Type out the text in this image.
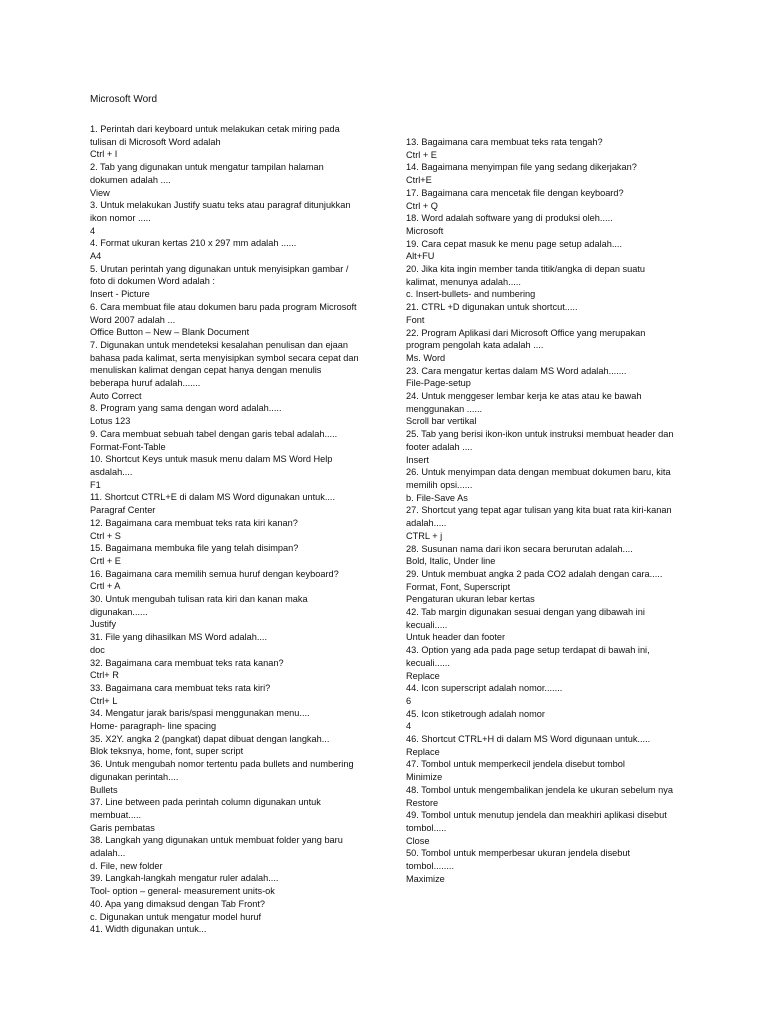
Microsoft Word
1. Perintah dari keyboard untuk melakukan cetak miring pada
tulisan di Microsoft Word adalah
Ctrl + I
2. Tab yang digunakan untuk mengatur tampilan halaman
dokumen adalah ....
View
3. Untuk melakukan Justify suatu teks atau paragraf ditunjukkan
ikon nomor .....
4
4. Format ukuran kertas 210 x 297 mm adalah ......
A4
5. Urutan perintah yang digunakan untuk menyisipkan gambar /
foto di dokumen Word adalah :
Insert - Picture
6. Cara membuat file atau dokumen baru pada program Microsoft
Word 2007 adalah ...
Office Button – New – Blank Document
7. Digunakan untuk mendeteksi kesalahan penulisan dan ejaan
bahasa pada kalimat, serta menyisipkan symbol secara cepat dan
menuliskan kalimat dengan cepat hanya dengan menulis
beberapa huruf adalah.......
Auto Correct
8. Program yang sama dengan word adalah.....
Lotus 123
9. Cara membuat sebuah tabel dengan garis tebal adalah.....
Format-Font-Table
10. Shortcut Keys untuk masuk menu dalam MS Word Help
asdalah....
F1
11. Shortcut CTRL+E di dalam MS Word digunakan untuk....
Paragraf Center
12. Bagaimana cara membuat teks rata kiri kanan?
Ctrl + S
15. Bagaimana membuka file yang telah disimpan?
Crtl + E
16. Bagaimana cara memilih semua huruf dengan keyboard?
Crtl + A
30. Untuk mengubah tulisan rata kiri dan kanan maka
digunakan......
Justify
31. File yang dihasilkan MS Word adalah....
doc
32. Bagaimana cara membuat teks rata kanan?
Ctrl+ R
33. Bagaimana cara membuat teks rata kiri?
Ctrl+ L
34. Mengatur jarak baris/spasi menggunakan menu....
Home- paragraph- line spacing
35. X2Y. angka 2 (pangkat) dapat dibuat dengan langkah...
Blok teksnya, home, font, super script
36. Untuk mengubah nomor tertentu pada bullets and numbering
digunakan perintah....
Bullets
37. Line between pada perintah column digunakan untuk
membuat.....
Garis pembatas
38. Langkah yang digunakan untuk membuat folder yang baru
adalah...
d. File, new folder
39. Langkah-langkah mengatur ruler adalah....
Tool- option – general- measurement units-ok
40. Apa yang dimaksud dengan Tab Front?
c. Digunakan untuk mengatur model huruf
41. Width digunakan untuk...
13. Bagaimana cara membuat teks rata tengah?
Ctrl + E
14. Bagaimana menyimpan file yang sedang dikerjakan?
Ctrl+E
17. Bagaimana cara mencetak file dengan keyboard?
Ctrl + Q
18. Word adalah software yang di produksi oleh.....
Microsoft
19. Cara cepat masuk ke menu page setup adalah....
Alt+FU
20. Jika kita ingin member tanda titik/angka di depan suatu
kalimat, menunya adalah.....
c. Insert-bullets- and numbering
21. CTRL +D digunakan untuk shortcut.....
Font
22. Program Aplikasi dari Microsoft Office yang merupakan
program pengolah kata adalah ....
Ms. Word
23. Cara mengatur kertas dalam MS Word adalah.......
File-Page-setup
24. Untuk menggeser lembar kerja ke atas atau ke bawah
menggunakan ......
Scroll bar vertikal
25. Tab yang berisi ikon-ikon untuk instruksi membuat header dan
footer adalah ....
Insert
26. Untuk menyimpan data dengan membuat dokumen baru, kita
memilih opsi......
b. File-Save As
27. Shortcut yang tepat agar tulisan yang kita buat rata kiri-kanan
adalah.....
CTRL + j
28. Susunan nama dari ikon secara berurutan adalah....
Bold, Italic, Under line
29. Untuk membuat angka 2 pada CO2 adalah dengan cara.....
Format, Font, Superscript
Pengaturan ukuran lebar kertas
42. Tab margin digunakan sesuai dengan yang dibawah ini
kecuali.....
Untuk header dan footer
43. Option yang ada pada page setup terdapat di bawah ini,
kecuali......
Replace
44. Icon superscript adalah nomor.......
6
45. Icon stiketrough adalah nomor
4
46. Shortcut CTRL+H di dalam MS Word digunaan untuk.....
Replace
47. Tombol untuk memperkecil jendela disebut tombol
Minimize
48. Tombol untuk mengembalikan jendela ke ukuran sebelum nya
Restore
49. Tombol untuk menutup jendela dan meakhiri aplikasi disebut
tombol.....
Close
50. Tombol untuk memperbesar ukuran jendela disebut
tombol........
Maximize
